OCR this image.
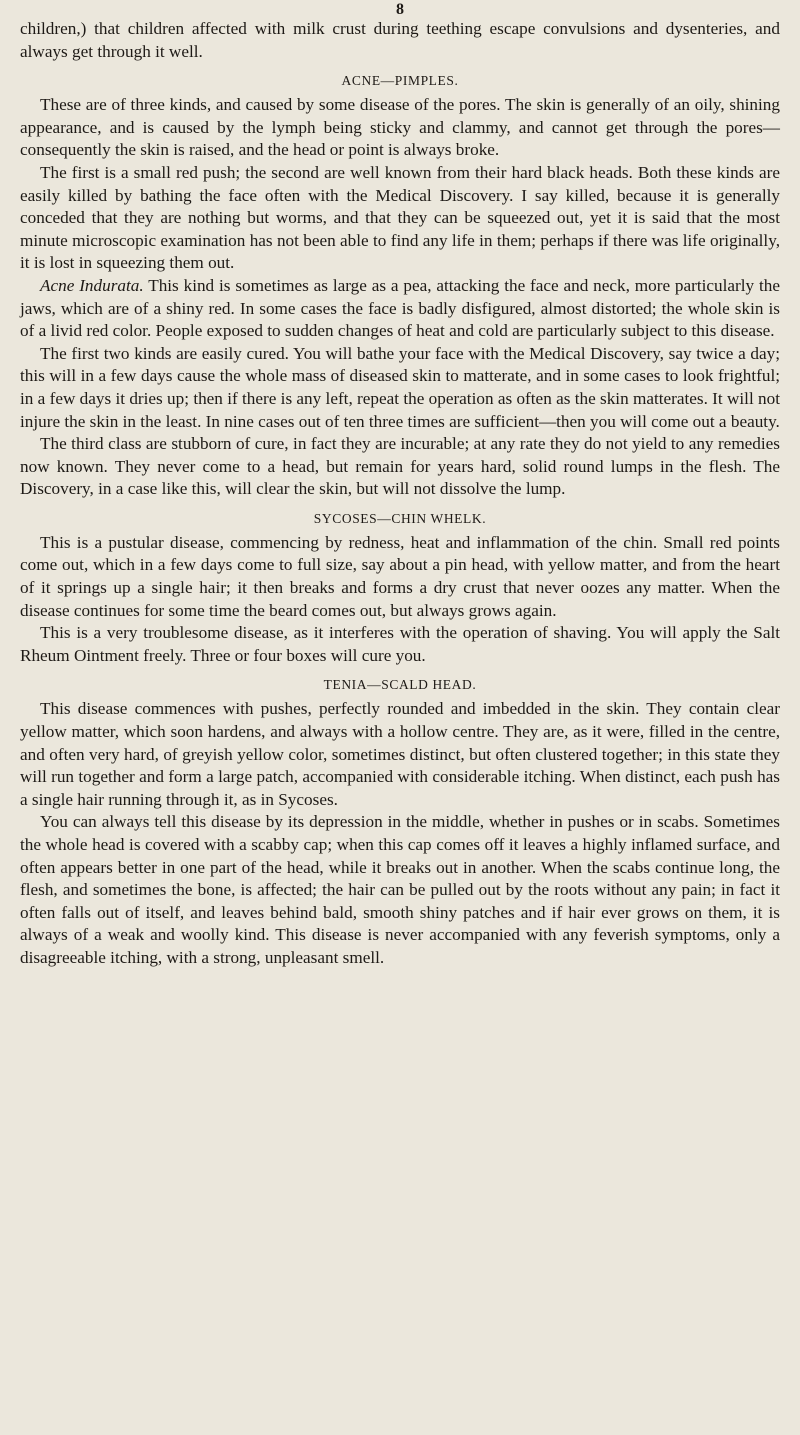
8

children,) that children affected with milk crust during teething escape convulsions and dysenteries, and always get through it well.

ACNE—PIMPLES.

These are of three kinds, and caused by some disease of the pores. The skin is generally of an oily, shining appearance, and is caused by the lymph being sticky and clammy, and cannot get through the pores—consequently the skin is raised, and the head or point is always broke.

The first is a small red push; the second are well known from their hard black heads. Both these kinds are easily killed by bathing the face often with the Medical Discovery. I say killed, because it is generally conceded that they are nothing but worms, and that they can be squeezed out, yet it is said that the most minute microscopic examination has not been able to find any life in them; perhaps if there was life originally, it is lost in squeezing them out.

Acne Indurata. This kind is sometimes as large as a pea, attacking the face and neck, more particularly the jaws, which are of a shiny red. In some cases the face is badly disfigured, almost distorted; the whole skin is of a livid red color. People exposed to sudden changes of heat and cold are particularly subject to this disease.

The first two kinds are easily cured. You will bathe your face with the Medical Discovery, say twice a day; this will in a few days cause the whole mass of diseased skin to matterate, and in some cases to look frightful; in a few days it dries up; then if there is any left, repeat the operation as often as the skin matterates. It will not injure the skin in the least. In nine cases out of ten three times are sufficient—then you will come out a beauty.

The third class are stubborn of cure, in fact they are incurable; at any rate they do not yield to any remedies now known. They never come to a head, but remain for years hard, solid round lumps in the flesh. The Discovery, in a case like this, will clear the skin, but will not dissolve the lump.

SYCOSES—CHIN WHELK.

This is a pustular disease, commencing by redness, heat and inflammation of the chin. Small red points come out, which in a few days come to full size, say about a pin head, with yellow matter, and from the heart of it springs up a single hair; it then breaks and forms a dry crust that never oozes any matter. When the disease continues for some time the beard comes out, but always grows again.

This is a very troublesome disease, as it interferes with the operation of shaving. You will apply the Salt Rheum Ointment freely. Three or four boxes will cure you.

TENIA—SCALD HEAD.

This disease commences with pushes, perfectly rounded and imbedded in the skin. They contain clear yellow matter, which soon hardens, and always with a hollow centre. They are, as it were, filled in the centre, and often very hard, of greyish yellow color, sometimes distinct, but often clustered together; in this state they will run together and form a large patch, accompanied with considerable itching. When distinct, each push has a single hair running through it, as in Sycoses.

You can always tell this disease by its depression in the middle, whether in pushes or in scabs. Sometimes the whole head is covered with a scabby cap; when this cap comes off it leaves a highly inflamed surface, and often appears better in one part of the head, while it breaks out in another. When the scabs continue long, the flesh, and sometimes the bone, is affected; the hair can be pulled out by the roots without any pain; in fact it often falls out of itself, and leaves behind bald, smooth shiny patches and if hair ever grows on them, it is always of a weak and woolly kind. This disease is never accompanied with any feverish symptoms, only a disagreeable itching, with a strong, unpleasant smell.
